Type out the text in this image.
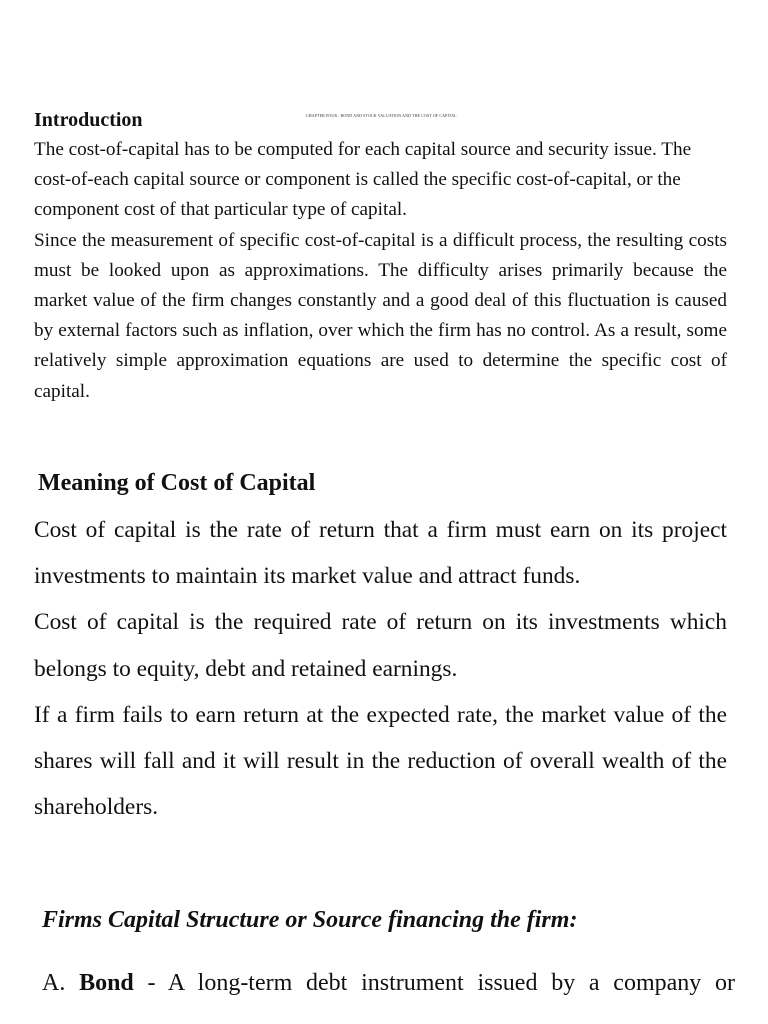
CHAPTER FOUR : BOND AND STOCK VALUATION AND THE COST OF CAPITAL
Introduction

The cost-of-capital has to be computed for each capital source and security issue. The cost-of-each capital source or component is called the specific cost-of-capital, or the component cost of that particular type of capital.

Since the measurement of specific cost-of-capital is a difficult process, the resulting costs must be looked upon as approximations. The difficulty arises primarily because the market value of the firm changes constantly and a good deal of this fluctuation is caused by external factors such as inflation, over which the firm has no control. As a result, some relatively simple approximation equations are used to determine the specific cost of capital.

Meaning of Cost of Capital

Cost of capital is the rate of return that a firm must earn on its project investments to maintain its market value and attract funds.

Cost of capital is the required rate of return on its investments which belongs to equity, debt and retained earnings.

If a firm fails to earn return at the expected rate, the market value of the shares will fall and it will result in the reduction of overall wealth of the shareholders.

Firms Capital Structure or Source financing the firm:

A. Bond - A long-term debt instrument issued by a company or
